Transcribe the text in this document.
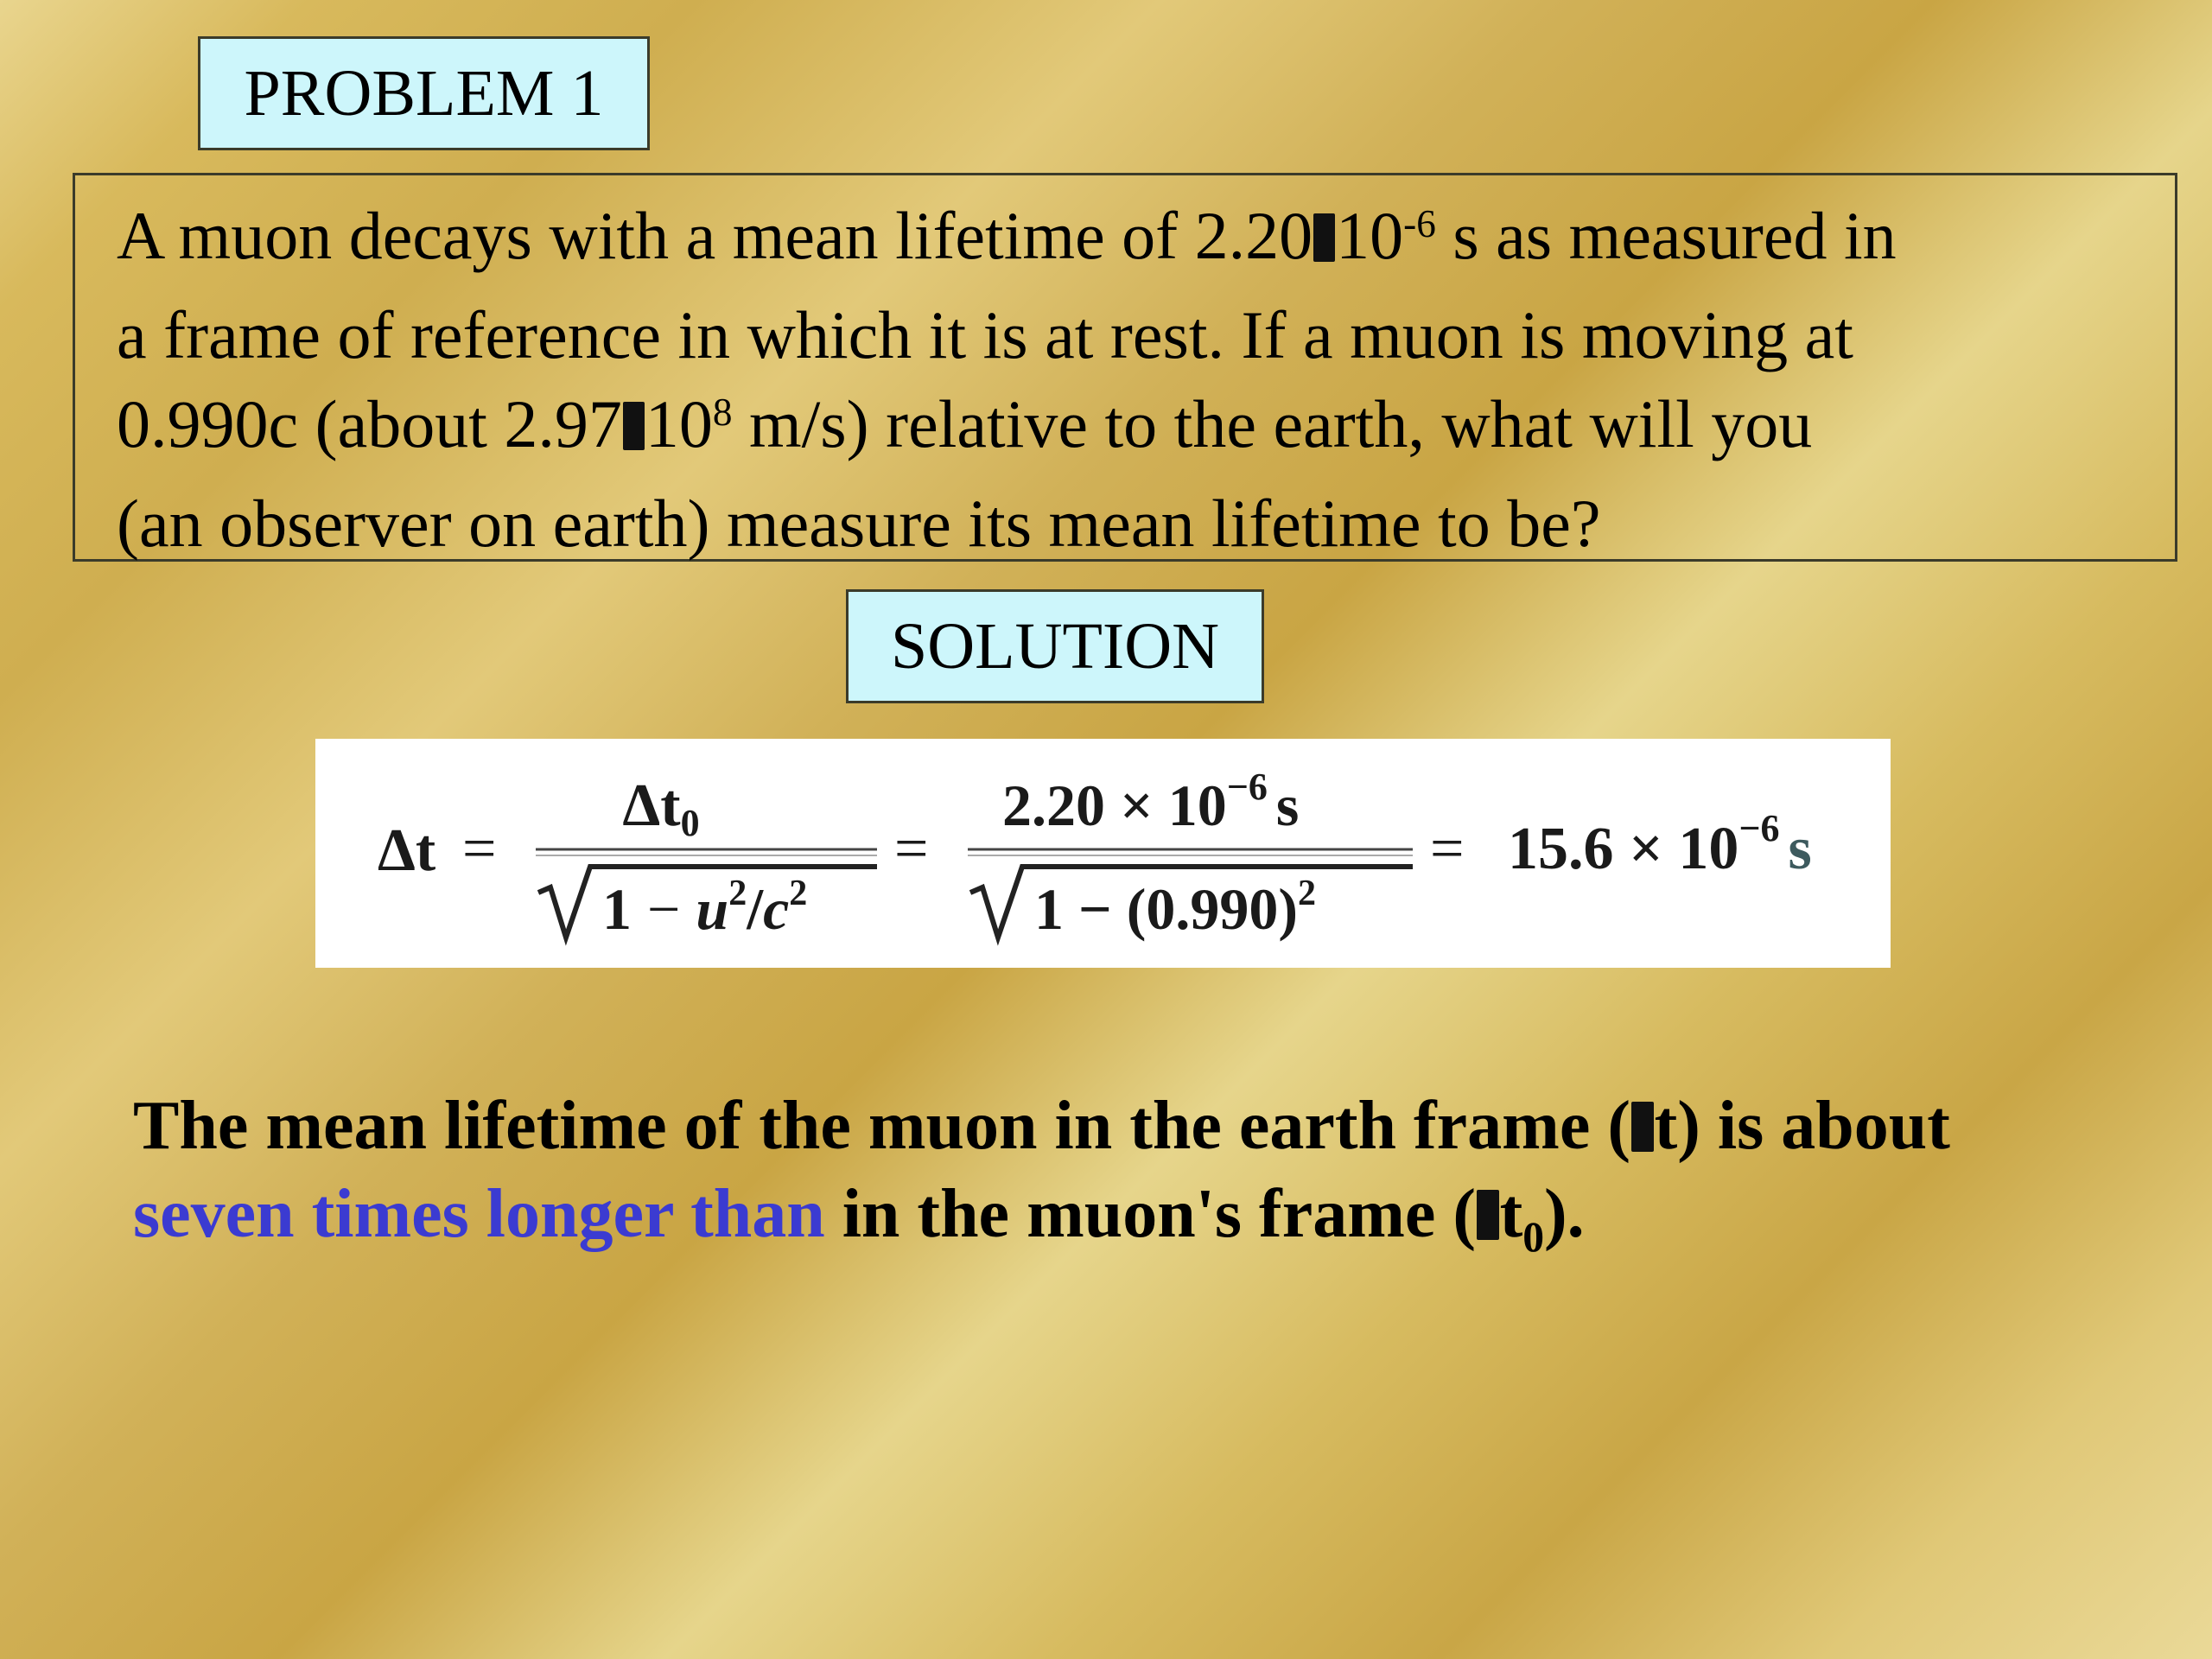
PROBLEM 1
A muon decays with a mean lifetime of 2.20 $10^{-6}$ s as measured in
a frame of reference in which it is at rest. If a muon is moving at
0.990c (about 2.97 $10^8$ m/s) relative to the earth, what will you
(an observer on earth) measure its mean lifetime to be?
SOLUTION
Δt =
Δt0
$1 - u^2/c^2$
=
$2.20 \times 10^{-6}$ s
$1 - (0.990)^2$
= $15.6 \times 10^{-6}$ s
The mean lifetime of the muon in the earth frame ( t) is about
seven times longer than in the muon's frame ( $t_0$).
